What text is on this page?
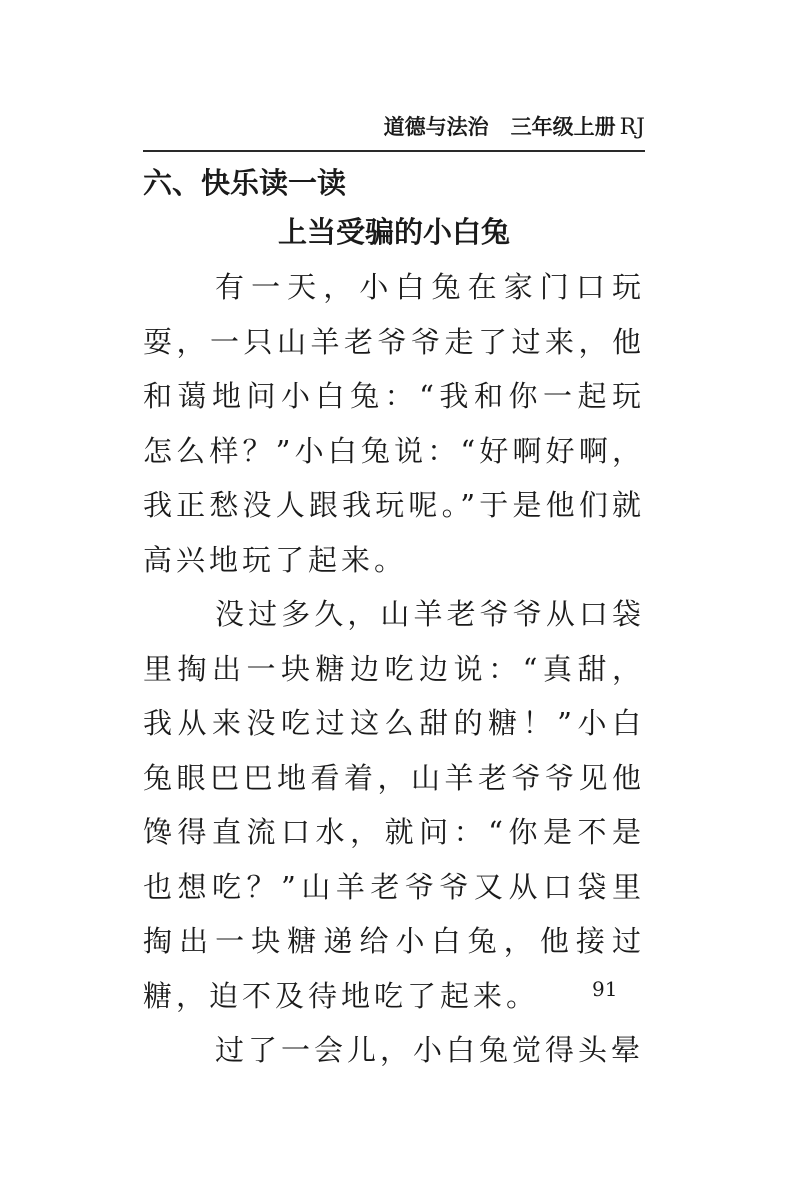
道德与法治 三年级上册 RJ
六、快乐读一读
上当受骗的小白兔

有一天，小白兔在家门口玩耍，一只山羊老爷爷走了过来，他和蔼地问小白兔：“我和你一起玩怎么样？”小白兔说：“好啊好啊，我正愁没人跟我玩呢。”于是他们就高兴地玩了起来。

没过多久，山羊老爷爷从口袋里掏出一块糖边吃边说：“真甜，我从来没吃过这么甜的糖！”小白兔眼巴巴地看着，山羊老爷爷见他馋得直流口水，就问：“你是不是也想吃？”山羊老爷爷又从口袋里掏出一块糖递给小白兔，他接过糖，迫不及待地吃了起来。

过了一会儿，小白兔觉得头晕

91
